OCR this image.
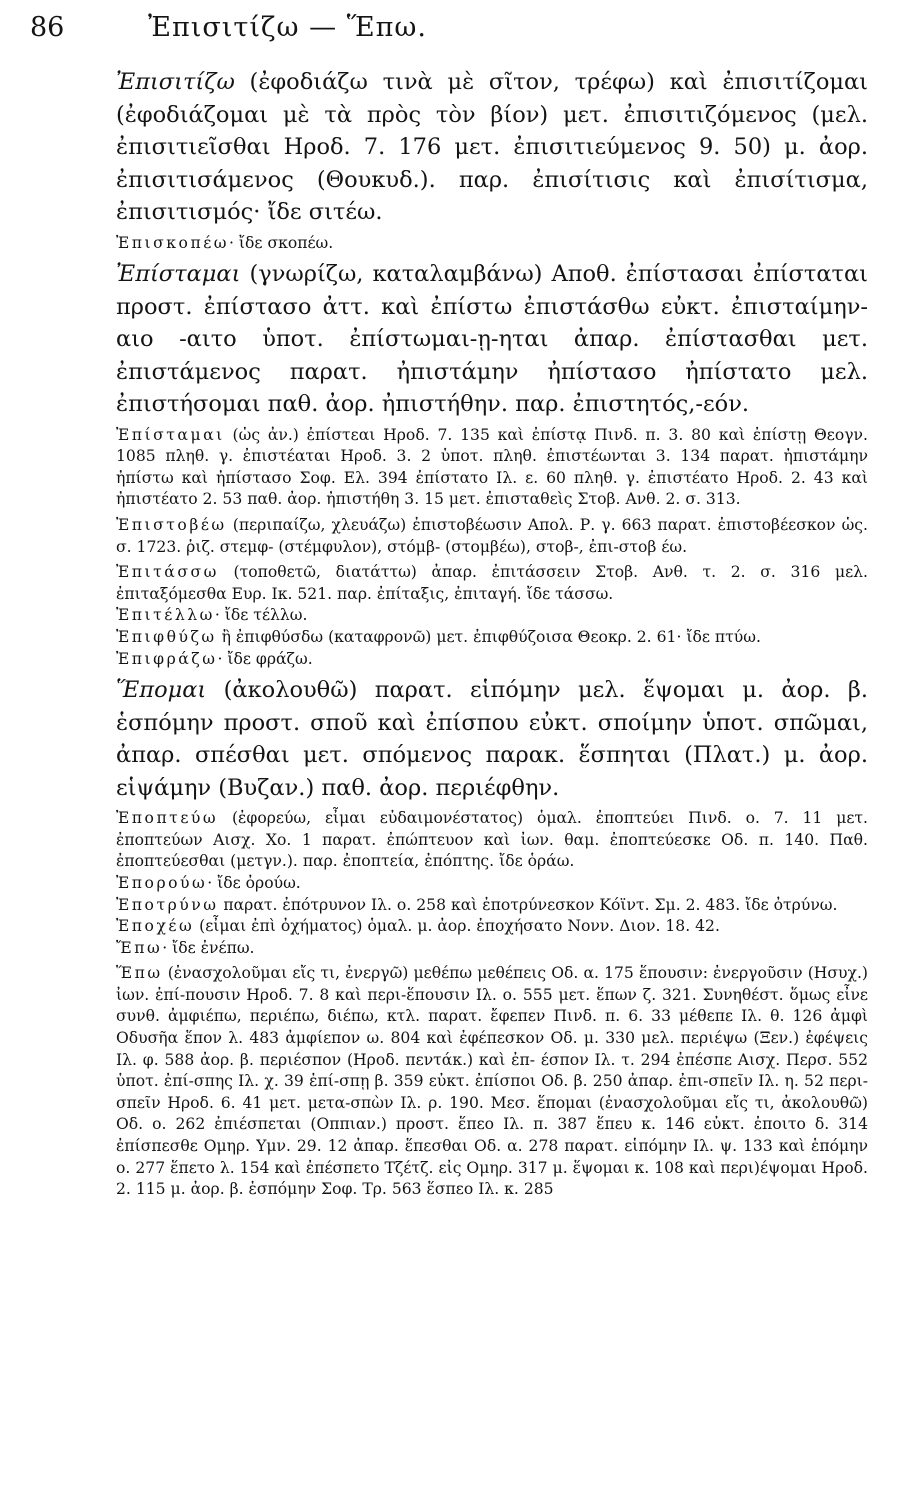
86	Ἐπισιτίζω — Ἕπω.

Ἐπισιτίζω (ἐφοδιάζω τινὰ μὲ σῖτον, τρέφω) καὶ ἐπισιτίζομαι (ἐφοδιάζομαι μὲ τὰ πρὸς τὸν βίον) μετ. ἐπισιτιζόμενος (μελ. ἐπισιτιεῖσθαι Ηροδ. 7. 176 μετ. ἐπισιτιεύμενος 9. 50) μ. ἀορ. ἐπισιτισάμενος (Θουκυδ.). παρ. ἐπισίτισις καὶ ἐπισίτισμα, ἐπισιτισμός· ἴδε σιτέω.

Ἐπισκοπέω· ἴδε σκοπέω.

Ἐπίσταμαι (γνωρίζω, καταλαμβάνω) Αποθ. ἐπίστασαι ἐπίσταται προστ. ἐπίστασο ἀττ. καὶ ἐπίστω ἐπιστάσθω εὐκτ. ἐπισταίμην-αιο -αιτο ὑποτ. ἐπίστωμαι-ῃ-ηται ἀπαρ. ἐπίστασθαι μετ. ἐπιστάμενος παρατ. ἠπιστάμην ἠπίστασο ἠπίστατο μελ. ἐπιστήσομαι παθ. ἀορ. ἠπιστήθην. παρ. ἐπιστητός,-εόν.

Ἐπίσταμαι (ὡς ἀν.) ἐπίστεαι Ηροδ. 7. 135 καὶ ἐπίστᾳ Πινδ. π. 3. 80 καὶ ἐπίστῃ Θεογν. 1085 πληθ. γ. ἐπιστέαται Ηροδ. 3. 2 ὑποτ. πληθ. ἐπιστέωνται 3. 134 παρατ. ἠπιστάμην ἠπίστω καὶ ἠπίστασο Σοφ. Ελ. 394 ἐπίστατο Ιλ. ε. 60 πληθ. γ. ἐπιστέατο Ηροδ. 2. 43 καὶ ἠπιστέατο 2. 53 παθ. ἀορ. ἠπιστήθη 3. 15 μετ. ἐπισταθεὶς Στοβ. Ανθ. 2. σ. 313.

Ἐπιστοβέω (περιπαίζω, χλευάζω) ἐπιστοβέωσιν Απολ. Ρ. γ. 663 παρατ. ἐπιστοβέεσκον ὡς. σ. 1723. ῥιζ. στεμφ- (στέμφυλον), στόμβ- (στομβέω), στοβ-, ἐπι-στοβ έω.

Ἐπιτάσσω (τοποθετῶ, διατάττω) ἀπαρ. ἐπιτάσσειν Στοβ. Ανθ. τ. 2. σ. 316 μελ. ἐπιταξόμεσθα Ευρ. Ικ. 521. παρ. ἐπίταξις, ἐπιταγή. ἴδε τάσσω.

Ἐπιτέλλω· ἴδε τέλλω.

Ἐπιφθύζω ἢ ἐπιφθύσδω (καταφρονῶ) μετ. ἐπιφθύζοισα Θεοκρ. 2. 61· ἴδε πτύω.

Ἐπιφράζω· ἴδε φράζω.

Ἕπομαι (ἀκολουθῶ) παρατ. εἱπόμην μελ. ἕψομαι μ. ἀορ. β. ἑσπόμην προστ. σποῦ καὶ ἐπίσπου εὐκτ. σποίμην ὑποτ. σπῶμαι, ἀπαρ. σπέσθαι μετ. σπόμενος παρακ. ἕσπηται (Πλατ.) μ. ἀορ. εἱψάμην (Βυζαν.) παθ. ἀορ. περιέφθην.

Ἐποπτεύω (ἐφορεύω, εἶμαι εὐδαιμονέστατος) ὁμαλ. ἐποπτεύει Πινδ. ο. 7. 11 μετ. ἐποπτεύων Αισχ. Χο. 1 παρατ. ἐπώπτευον καὶ ἰων. θαμ. ἐποπτεύεσκε Οδ. π. 140. Παθ. ἐποπτεύεσθαι (μετγν.). παρ. ἐποπτεία, ἐπόπτης. ἴδε ὁράω.

Ἐπορούω· ἴδε ὀρούω.

Ἐποτρύνω παρατ. ἐπότρυνον Ιλ. ο. 258 καὶ ἐποτρύνεσκον Κόϊντ. Σμ. 2. 483. ἴδε ὀτρύνω.

Ἐποχέω (εἶμαι ἐπὶ ὀχήματος) ὁμαλ. μ. ἀορ. ἐποχήσατο Νονν. Διον. 18. 42.

Ἔπω· ἴδε ἐνέπω.

Ἕπω (ἐνασχολοῦμαι εἴς τι, ἐνεργῶ) μεθέπω μεθέπεις Οδ. α. 175 ἕπουσιν: ἐνεργοῦσιν (Ησυχ.) ἰων. ἐπί-πουσιν Ηροδ. 7. 8 καὶ περι-ἕπουσιν Ιλ. ο. 555 μετ. ἕπων ζ. 321. Συνηθέστ. ὅμως εἶνε συνθ. ἀμφιέπω, περιέπω, διέπω, κτλ. παρατ. ἔφεπεν Πινδ. π. 6. 33 μέθεπε Ιλ. θ. 126 ἀμφὶ Οδυσῆα ἕπον λ. 483 ἀμφίεπον ω. 804 καὶ ἐφέπεσκον Οδ. μ. 330 μελ. περιέψω (Ξεν.) ἐφέψεις Ιλ. φ. 588 ἀορ. β. περιέσπον (Ηροδ. πεντάκ.) καὶ ἐπ- έσπον Ιλ. τ. 294 ἐπέσπε Αισχ. Περσ. 552 ὑποτ. ἐπί-σπης Ιλ. χ. 39 ἐπί-σπῃ β. 359 εὐκτ. ἐπίσποι Οδ. β. 250 ἀπαρ. ἐπι-σπεῖν Ιλ. η. 52 περι-σπεῖν Ηροδ. 6. 41 μετ. μετα-σπὼν Ιλ. ρ. 190. Μεσ. ἕπομαι (ἐνασχολοῦμαι εἴς τι, ἀκολουθῶ) Οδ. ο. 262 ἐπιέσπεται (Οππιαν.) προστ. ἕπεο Ιλ. π. 387 ἕπευ κ. 146 εὐκτ. ἐποιτο δ. 314 ἐπίσπεσθε Ομηρ. Υμν. 29. 12 ἀπαρ. ἕπεσθαι Οδ. α. 278 παρατ. εἱπόμην Ιλ. ψ. 133 καὶ ἑπόμην ο. 277 ἕπετο λ. 154 καὶ ἐπέσπετο Τζέτζ. εἰς Ομηρ. 317 μ. ἕψομαι κ. 108 καὶ περι)έψομαι Ηροδ. 2. 115 μ. ἀορ. β. ἑσπόμην Σοφ. Τρ. 563 ἕσπεο Ιλ. κ. 285
